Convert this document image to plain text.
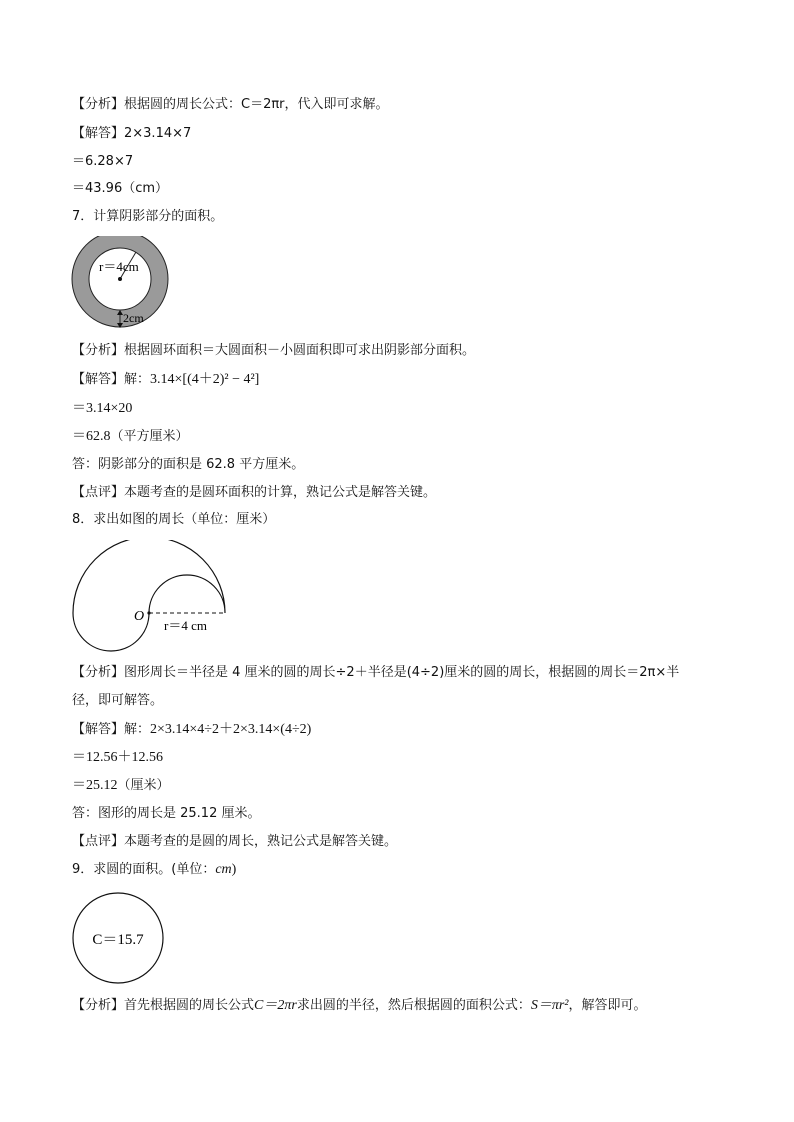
【分析】根据圆的周长公式：C＝2πr，代入即可求解。
【解答】2×3.14×7
＝6.28×7
＝43.96（cm）
7．计算阴影部分的面积。
r＝4cm
2cm
【分析】根据圆环面积＝大圆面积－小圆面积即可求出阴影部分面积。
【解答】解：3.14×[(4＋2)² − 4²]
＝3.14×20
＝62.8（平方厘米）
答：阴影部分的面积是 62.8 平方厘米。
【点评】本题考查的是圆环面积的计算，熟记公式是解答关键。
8．求出如图的周长（单位：厘米）
O
r＝4 cm
【分析】图形周长＝半径是 4 厘米的圆的周长÷2＋半径是(4÷2)厘米的圆的周长，根据圆的周长＝2π×半
径，即可解答。
【解答】解：2×3.14×4÷2＋2×3.14×(4÷2)
＝12.56＋12.56
＝25.12（厘米）
答：图形的周长是 25.12 厘米。
【点评】本题考查的是圆的周长，熟记公式是解答关键。
9．求圆的面积。(单位：cm)
C＝15.7
【分析】首先根据圆的周长公式C＝2πr求出圆的半径，然后根据圆的面积公式：S＝πr²，解答即可。
